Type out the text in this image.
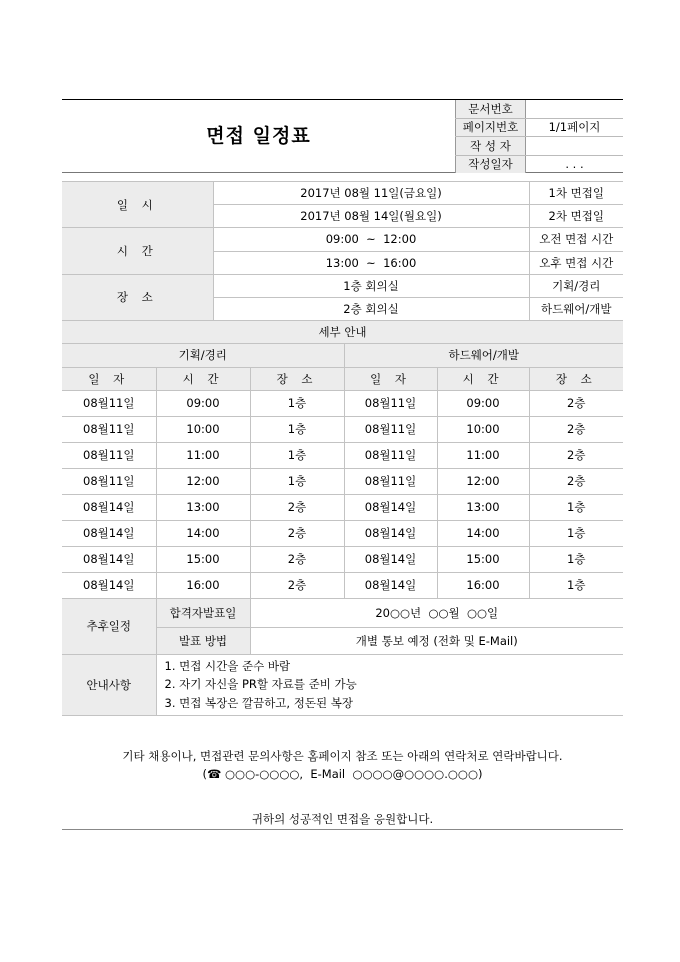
면접 일정표
문서번호	
페이지번호	1/1페이지
작 성 자	
작성일자	. . .
일 시		2017년 08월 11일(금요일)				1차 면접일
		2017년 08월 14일(월요일)				2차 면접일
시 간		09:00  ~  12:00				오전 면접 시간
		13:00  ~  16:00				오후 면접 시간
장 소		1층 회의실				기획/경리
		2층 회의실				하드웨어/개발
세부 안내						
기획/경리				하드웨어/개발		
일 자	시 간		장 소	일 자	시 간	장 소
08월11일	09:00		1층	08월11일	09:00	2층
08월11일	10:00		1층	08월11일	10:00	2층
08월11일	11:00		1층	08월11일	11:00	2층
08월11일	12:00		1층	08월11일	12:00	2층
08월14일	13:00		2층	08월14일	13:00	1층
08월14일	14:00		2층	08월14일	14:00	1층
08월14일	15:00		2층	08월14일	15:00	1층
08월14일	16:00		2층	08월14일	16:00	1층
추후일정	합격자발표일		20○○년  ○○월  ○○일			
	발표 방법		개별 통보 예정 (전화 및 E-Mail)			
안내사항	1. 면접 시간을 준수 바람
2. 자기 자신을 PR할 자료를 준비 가능
3. 면접 복장은 깔끔하고, 정돈된 복장					
기타 채용이나, 면접관련 문의사항은 홈페이지 참조 또는 아래의 연락처로 연락바랍니다.
(☎ ○○○-○○○○,  E-Mail  ○○○○@○○○○.○○○)
귀하의 성공적인 면접을 응원합니다.
